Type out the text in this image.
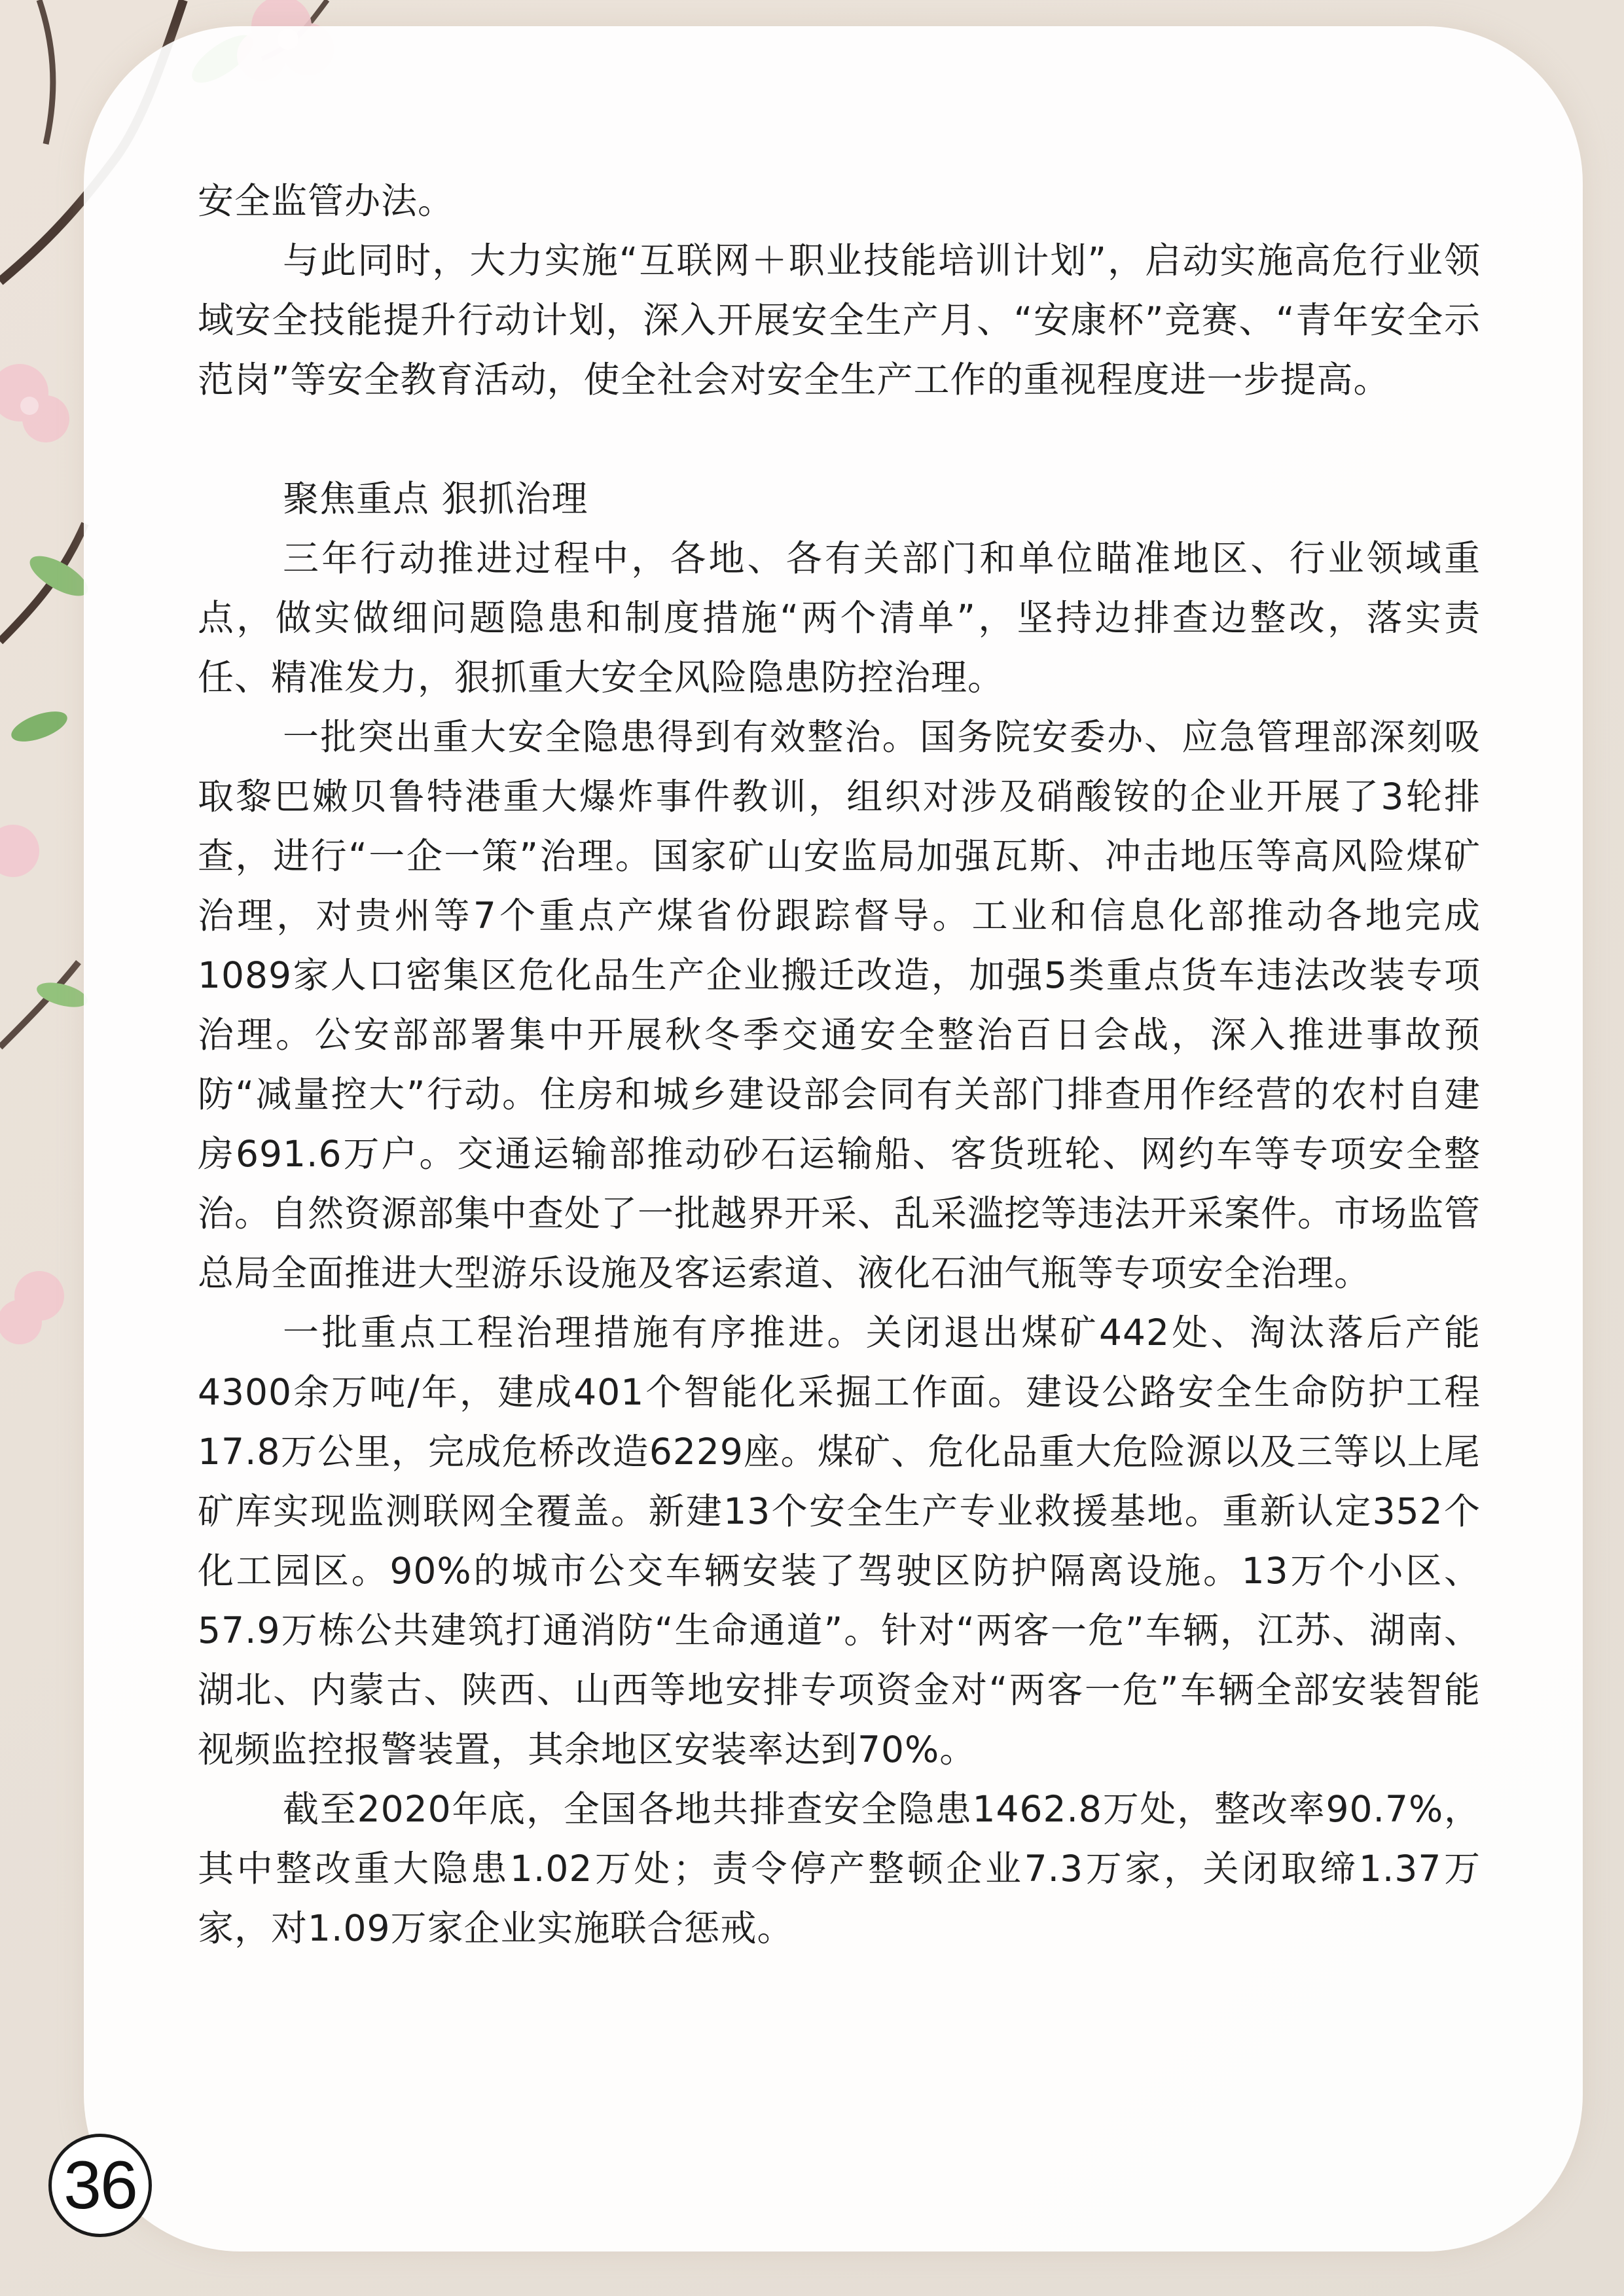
安全监管办法。

与此同时，大力实施“互联网＋职业技能培训计划”，启动实施高危行业领域安全技能提升行动计划，深入开展安全生产月、“安康杯”竞赛、“青年安全示范岗”等安全教育活动，使全社会对安全生产工作的重视程度进一步提高。

聚焦重点 狠抓治理

三年行动推进过程中，各地、各有关部门和单位瞄准地区、行业领域重点，做实做细问题隐患和制度措施“两个清单”，坚持边排查边整改，落实责任、精准发力，狠抓重大安全风险隐患防控治理。

一批突出重大安全隐患得到有效整治。国务院安委办、应急管理部深刻吸取黎巴嫩贝鲁特港重大爆炸事件教训，组织对涉及硝酸铵的企业开展了3轮排查，进行“一企一策”治理。国家矿山安监局加强瓦斯、冲击地压等高风险煤矿治理，对贵州等7个重点产煤省份跟踪督导。工业和信息化部推动各地完成1089家人口密集区危化品生产企业搬迁改造，加强5类重点货车违法改装专项治理。公安部部署集中开展秋冬季交通安全整治百日会战，深入推进事故预防“减量控大”行动。住房和城乡建设部会同有关部门排查用作经营的农村自建房691.6万户。交通运输部推动砂石运输船、客货班轮、网约车等专项安全整治。自然资源部集中查处了一批越界开采、乱采滥挖等违法开采案件。市场监管总局全面推进大型游乐设施及客运索道、液化石油气瓶等专项安全治理。

一批重点工程治理措施有序推进。关闭退出煤矿442处、淘汰落后产能4300余万吨/年，建成401个智能化采掘工作面。建设公路安全生命防护工程17.8万公里，完成危桥改造6229座。煤矿、危化品重大危险源以及三等以上尾矿库实现监测联网全覆盖。新建13个安全生产专业救援基地。重新认定352个化工园区。90%的城市公交车辆安装了驾驶区防护隔离设施。13万个小区、57.9万栋公共建筑打通消防“生命通道”。针对“两客一危”车辆，江苏、湖南、湖北、内蒙古、陕西、山西等地安排专项资金对“两客一危”车辆全部安装智能视频监控报警装置，其余地区安装率达到70%。

截至2020年底，全国各地共排查安全隐患1462.8万处，整改率90.7%，其中整改重大隐患1.02万处；责令停产整顿企业7.3万家，关闭取缔1.37万家，对1.09万家企业实施联合惩戒。

36
